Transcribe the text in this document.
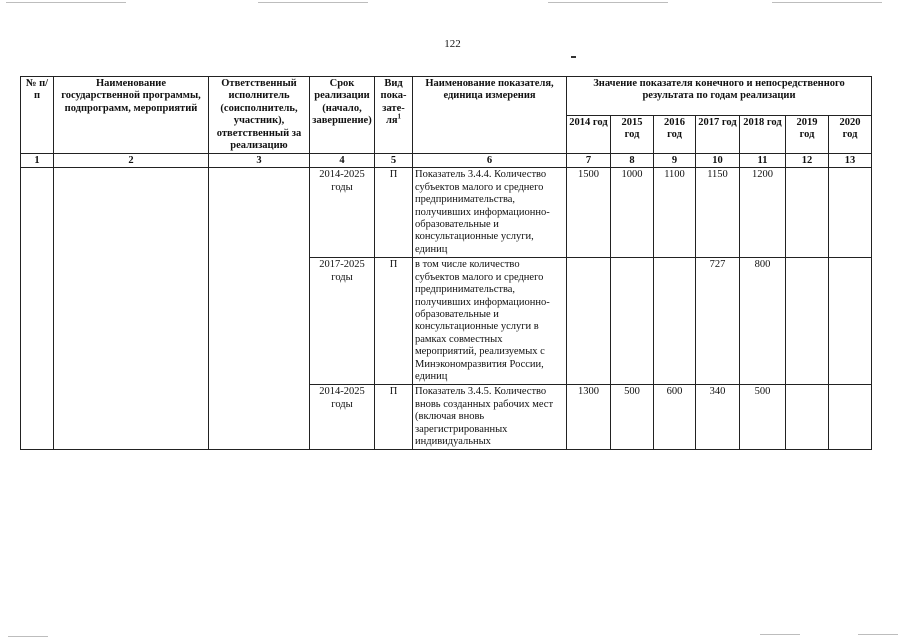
122
№ п/п	Наименование государственной программы, подпрограмм, мероприятий	Ответственный исполнитель (соисполнитель, участник), ответственный за реализацию	Срок реализации (начало, завершение)	Вид пока-$зате-ля^1$	Наименование показателя, единица измерения	Значение показателя конечного и непосредственного результата по годам реализации						
						2014 год	2015 год	2016 год	2017 год	2018 год	2019 год	2020 год
1	2	3	4	5	6	7	8	9	10	11	12	13
			2014-2025 годы	П	Показатель 3.4.4. Количество субъектов малого и среднего предпринимательства, получивших информационно-образовательные и консультационные услуги, единиц	1500	1000	1100	1150	1200		
			2017-2025 годы	П	в том числе количество субъектов малого и среднего предпринимательства, получивших информационно-образовательные и консультационные услуги в рамках совместных мероприятий, реализуемых с Минэкономразвития России, единиц				727	800		
			2014-2025 годы	П	Показатель 3.4.5. Количество вновь созданных рабочих мест (включая вновь зарегистрированных индивидуальных	1300	500	600	340	500		
